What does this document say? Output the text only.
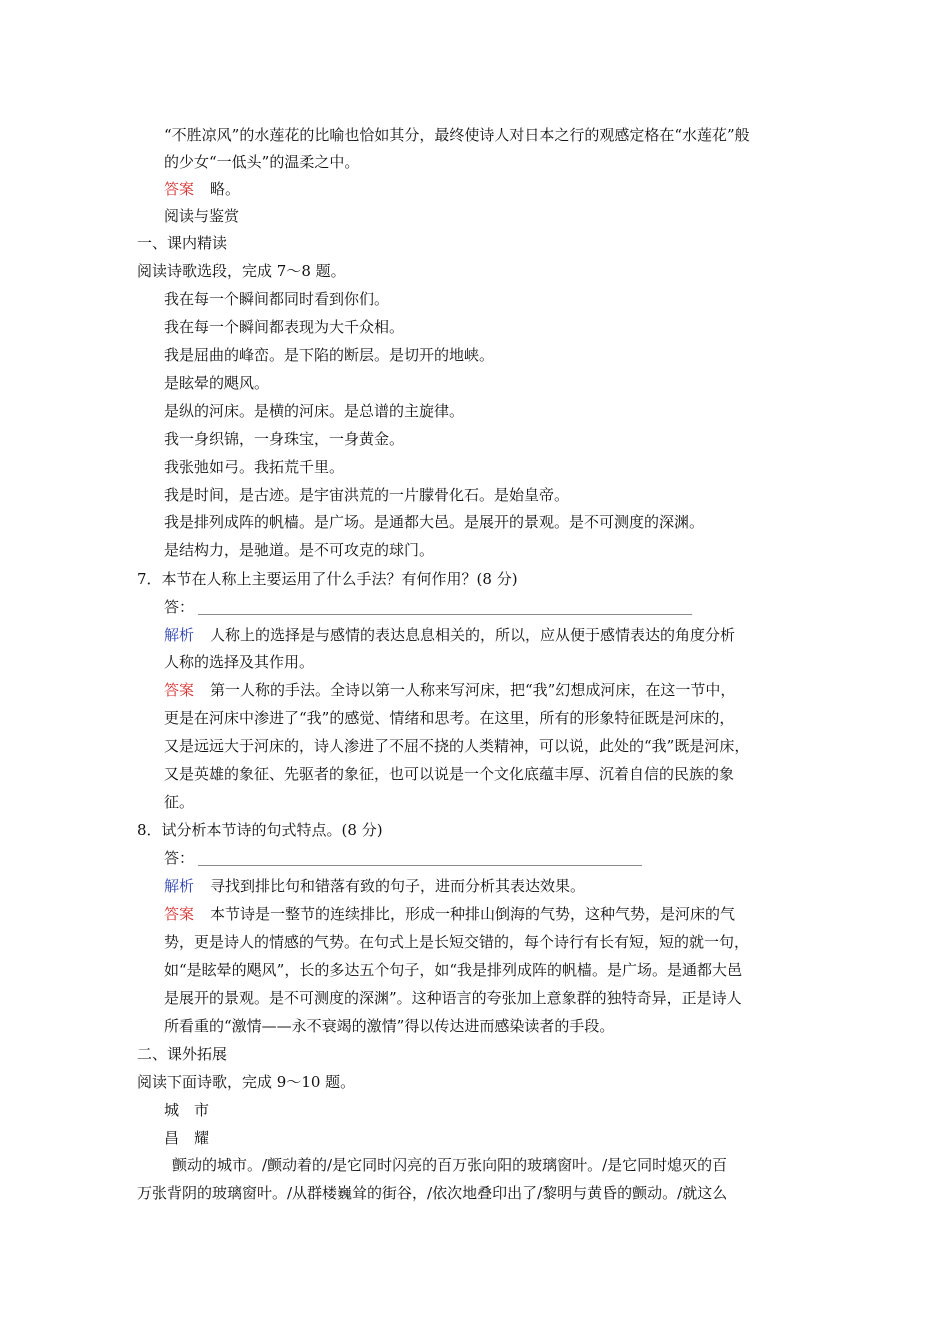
“不胜凉风”的水莲花的比喻也恰如其分，最终使诗人对日本之行的观感定格在“水莲花”般
的少女“一低头”的温柔之中。
答案 略。
阅读与鉴赏
一、课内精读
阅读诗歌选段，完成 7～8 题。
我在每一个瞬间都同时看到你们。
我在每一个瞬间都表现为大千众相。
我是屈曲的峰峦。是下陷的断层。是切开的地峡。
是眩晕的飓风。
是纵的河床。是横的河床。是总谱的主旋律。
我一身织锦，一身珠宝，一身黄金。
我张弛如弓。我拓荒千里。
我是时间，是古迹。是宇宙洪荒的一片朦骨化石。是始皇帝。
我是排列成阵的帆樯。是广场。是通都大邑。是展开的景观。是不可测度的深渊。
是结构力，是驰道。是不可攻克的球门。
7．本节在人称上主要运用了什么手法？有何作用？(8 分)
答：
解析 人称上的选择是与感情的表达息息相关的，所以，应从便于感情表达的角度分析
人称的选择及其作用。
答案 第一人称的手法。全诗以第一人称来写河床，把“我”幻想成河床，在这一节中，
更是在河床中渗进了“我”的感觉、情绪和思考。在这里，所有的形象特征既是河床的，
又是远远大于河床的，诗人渗进了不屈不挠的人类精神，可以说，此处的“我”既是河床，
又是英雄的象征、先驱者的象征，也可以说是一个文化底蕴丰厚、沉着自信的民族的象
征。
8．试分析本节诗的句式特点。(8 分)
答：
解析 寻找到排比句和错落有致的句子，进而分析其表达效果。
答案 本节诗是一整节的连续排比，形成一种排山倒海的气势，这种气势，是河床的气
势，更是诗人的情感的气势。在句式上是长短交错的，每个诗行有长有短，短的就一句，
如“是眩晕的飓风”，长的多达五个句子，如“我是排列成阵的帆樯。是广场。是通都大邑
是展开的景观。是不可测度的深渊”。这种语言的夸张加上意象群的独特奇异，正是诗人
所看重的“激情——永不衰竭的激情”得以传达进而感染读者的手段。
二、课外拓展
阅读下面诗歌，完成 9～10 题。
城　市
昌　耀
颤动的城市。/颤动着的/是它同时闪亮的百万张向阳的玻璃窗叶。/是它同时熄灭的百
万张背阴的玻璃窗叶。/从群楼巍耸的街谷，/依次地叠印出了/黎明与黄昏的颤动。/就这么
